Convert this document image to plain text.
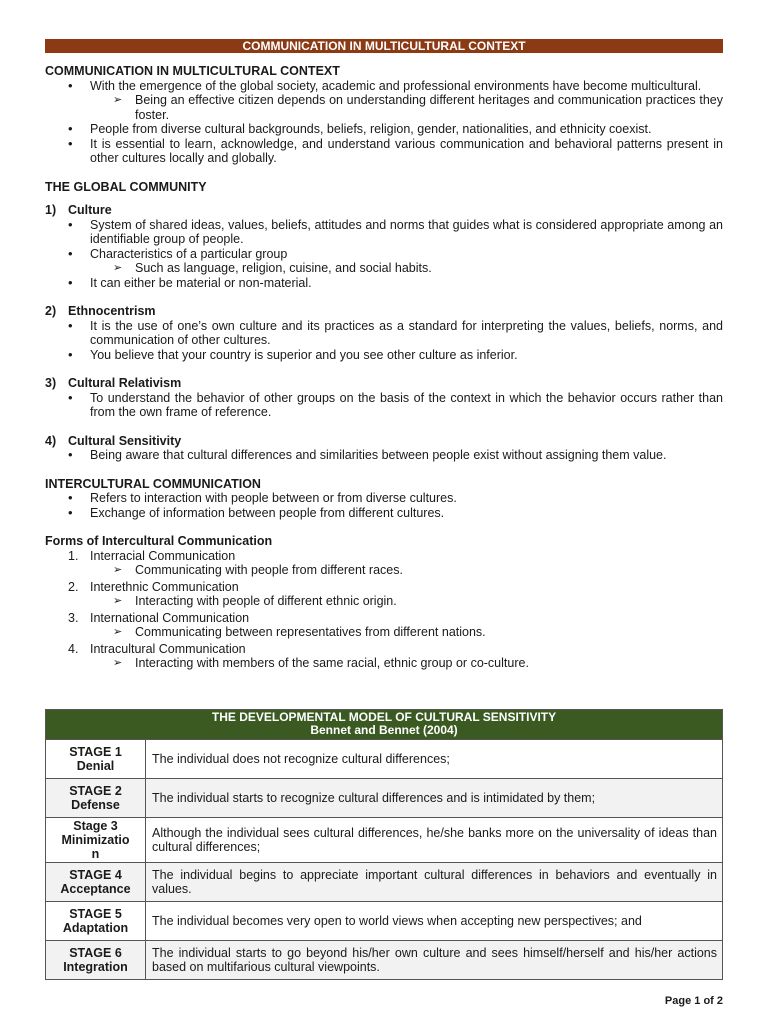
COMMUNICATION IN MULTICULTURAL CONTEXT

COMMUNICATION IN MULTICULTURAL CONTEXT

• With the emergence of the global society, academic and professional environments have become multicultural.
➢ Being an effective citizen depends on understanding different heritages and communication practices they foster.
• People from diverse cultural backgrounds, beliefs, religion, gender, nationalities, and ethnicity coexist.
• It is essential to learn, acknowledge, and understand various communication and behavioral patterns present in other cultures locally and globally.

THE GLOBAL COMMUNITY

1) Culture
• System of shared ideas, values, beliefs, attitudes and norms that guides what is considered appropriate among an identifiable group of people.
• Characteristics of a particular group
➢ Such as language, religion, cuisine, and social habits.
• It can either be material or non-material.
2) Ethnocentrism
• It is the use of one’s own culture and its practices as a standard for interpreting the values, beliefs, norms, and communication of other cultures.
• You believe that your country is superior and you see other culture as inferior.
3) Cultural Relativism
• To understand the behavior of other groups on the basis of the context in which the behavior occurs rather than from the own frame of reference.
4) Cultural Sensitivity
• Being aware that cultural differences and similarities between people exist without assigning them value.

INTERCULTURAL COMMUNICATION

• Refers to interaction with people between or from diverse cultures.
• Exchange of information between people from different cultures.

Forms of Intercultural Communication

1. Interracial Communication
➢ Communicating with people from different races.
2. Interethnic Communication
➢ Interacting with people of different ethnic origin.
3. International Communication
➢ Communicating between representatives from different nations.
4. Intracultural Communication
➢ Interacting with members of the same racial, ethnic group or co-culture.
THE DEVELOPMENTAL MODEL OF CULTURAL SENSITIVITY
Bennet and Bennet (2004)	

STAGE 1
Denial	The individual does not recognize cultural differences;

STAGE 2
Defense	The individual starts to recognize cultural differences and is intimidated by them;

Stage 3
Minimizatio
n	Although the individual sees cultural differences, he/she banks more on the universality of ideas than cultural differences;

STAGE 4
Acceptance	The individual begins to appreciate important cultural differences in behaviors and eventually in values.

STAGE 5
Adaptation	The individual becomes very open to world views when accepting new perspectives; and

STAGE 6
Integration	The individual starts to go beyond his/her own culture and sees himself/herself and his/her actions based on multifarious cultural viewpoints.
Page 1 of 2
